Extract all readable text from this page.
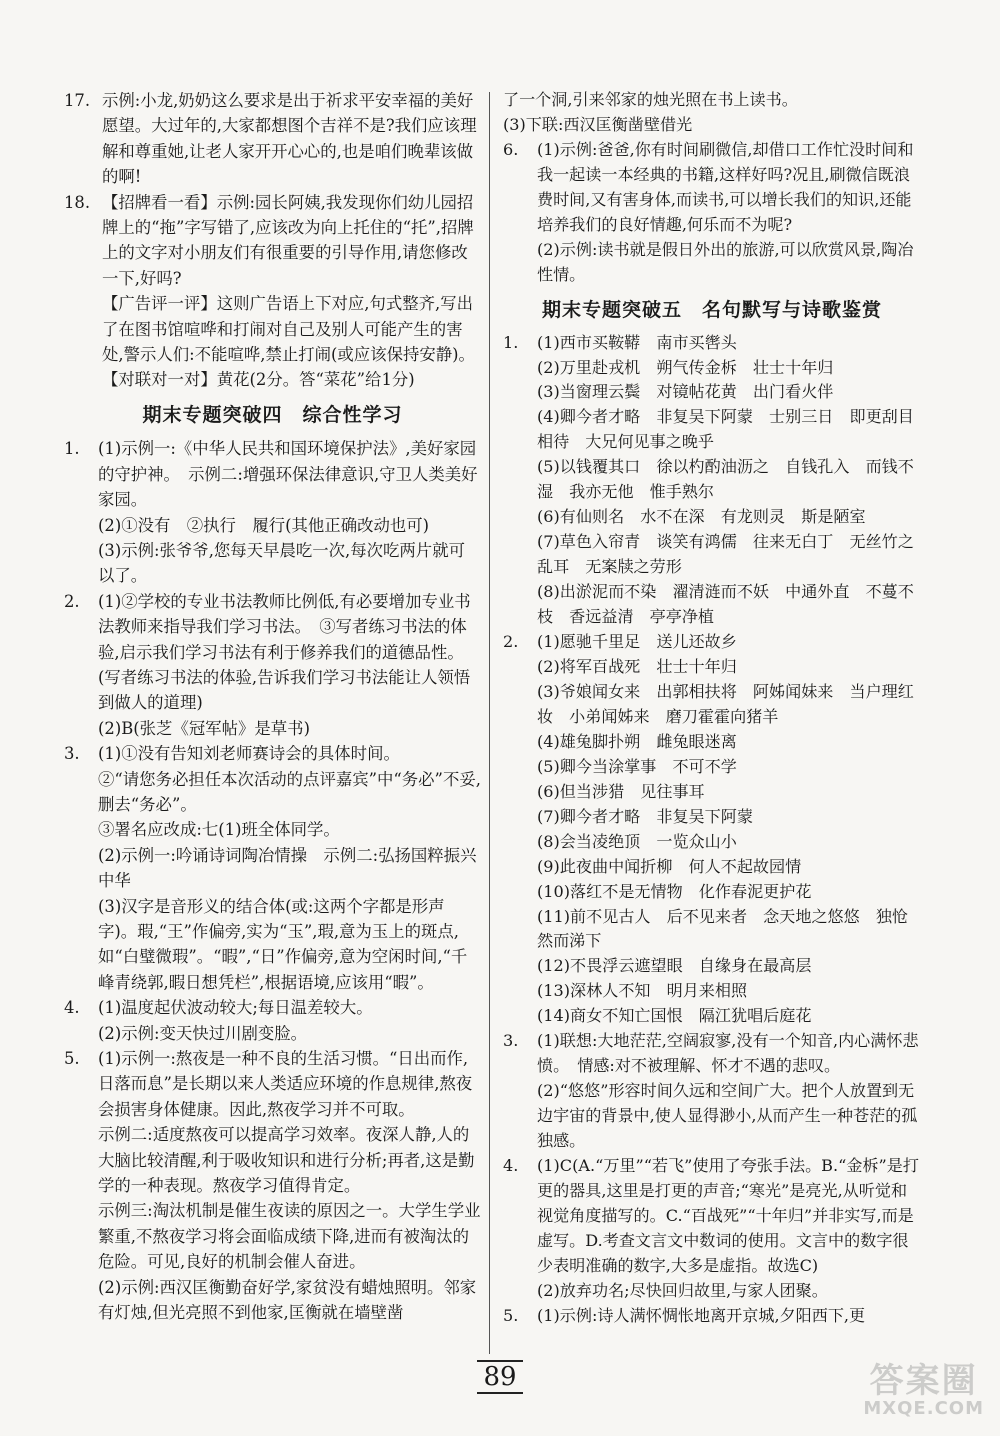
17. 示例:小龙,奶奶这么要求是出于祈求平安幸福的美好愿望。大过年的,大家都想图个吉祥不是?我们应该理解和尊重她,让老人家开开心心的,也是咱们晚辈该做的啊!

18. 【招牌看一看】示例:园长阿姨,我发现你们幼儿园招牌上的“拖”字写错了,应该改为向上托住的“托”,招牌上的文字对小朋友们有很重要的引导作用,请您修改一下,好吗?

【广告评一评】这则广告语上下对应,句式整齐,写出了在图书馆喧哗和打闹对自己及别人可能产生的害处,警示人们:不能喧哗,禁止打闹(或应该保持安静)。

【对联对一对】黄花(2分。答“菜花”给1分)

期末专题突破四　综合性学习
1.	(1)示例一:《中华人民共和国环境保护法》,美好家园的守护神。　示例二:增强环保法律意识,守卫人类美好家园。

(2)①没有　②执行　履行(其他正确改动也可)

(3)示例:张爷爷,您每天早晨吃一次,每次吃两片就可以了。

2.	(1)②学校的专业书法教师比例低,有必要增加专业书法教师来指导我们学习书法。　③写者练习书法的体验,启示我们学习书法有利于修养我们的道德品性。(写者练习书法的体验,告诉我们学习书法能让人领悟到做人的道理)

(2)B(张芝《冠军帖》是草书)

3.	(1)①没有告知刘老师赛诗会的具体时间。

②“请您务必担任本次活动的点评嘉宾”中“务必”不妥,删去“务必”。

③署名应改成:七(1)班全体同学。

(2)示例一:吟诵诗词陶冶情操　示例二:弘扬国粹振兴中华

(3)汉字是音形义的结合体(或:这两个字都是形声字)。瑕,“王”作偏旁,实为“玉”,瑕,意为玉上的斑点,如“白璧微瑕”。“暇”,“日”作偏旁,意为空闲时间,“千峰青绕郭,暇日想凭栏”,根据语境,应该用“暇”。

4.	(1)温度起伏波动较大;每日温差较大。

(2)示例:变天快过川剧变脸。

5.	(1)示例一:熬夜是一种不良的生活习惯。“日出而作,日落而息”是长期以来人类适应环境的作息规律,熬夜会损害身体健康。因此,熬夜学习并不可取。

示例二:适度熬夜可以提高学习效率。夜深人静,人的大脑比较清醒,利于吸收知识和进行分析;再者,这是勤学的一种表现。熬夜学习值得肯定。

示例三:淘汰机制是催生夜读的原因之一。大学生学业繁重,不熬夜学习将会面临成绩下降,进而有被淘汰的危险。可见,良好的机制会催人奋进。

(2)示例:西汉匡衡勤奋好学,家贫没有蜡烛照明。邻家有灯烛,但光亮照不到他家,匡衡就在墙壁凿

了一个洞,引来邻家的烛光照在书上读书。

(3)下联:西汉匡衡凿壁借光

6.	(1)示例:爸爸,你有时间刷微信,却借口工作忙没时间和我一起读一本经典的书籍,这样好吗?况且,刷微信既浪费时间,又有害身体,而读书,可以增长我们的知识,还能培养我们的良好情趣,何乐而不为呢?

(2)示例:读书就是假日外出的旅游,可以欣赏风景,陶冶性情。

期末专题突破五　名句默写与诗歌鉴赏
1.	(1)西市买鞍鞯　南市买辔头

(2)万里赴戎机　朔气传金柝　壮士十年归

(3)当窗理云鬓　对镜帖花黄　出门看火伴

(4)卿今者才略　非复吴下阿蒙　士别三日　即更刮目相待　大兄何见事之晚乎

(5)以钱覆其口　徐以杓酌油沥之　自钱孔入　而钱不湿　我亦无他　惟手熟尔

(6)有仙则名　水不在深　有龙则灵　斯是陋室

(7)草色入帘青　谈笑有鸿儒　往来无白丁　无丝竹之乱耳　无案牍之劳形

(8)出淤泥而不染　濯清涟而不妖　中通外直　不蔓不枝　香远益清　亭亭净植

2.	(1)愿驰千里足　送儿还故乡

(2)将军百战死　壮士十年归

(3)爷娘闻女来　出郭相扶将　阿姊闻妹来　当户理红妆　小弟闻姊来　磨刀霍霍向猪羊

(4)雄兔脚扑朔　雌兔眼迷离

(5)卿今当涂掌事　不可不学

(6)但当涉猎　见往事耳

(7)卿今者才略　非复吴下阿蒙

(8)会当凌绝顶　一览众山小

(9)此夜曲中闻折柳　何人不起故园情

(10)落红不是无情物　化作春泥更护花

(11)前不见古人　后不见来者　念天地之悠悠　独怆然而涕下

(12)不畏浮云遮望眼　自缘身在最高层

(13)深林人不知　明月来相照

(14)商女不知亡国恨　隔江犹唱后庭花

3.	(1)联想:大地茫茫,空阔寂寥,没有一个知音,内心满怀悲愤。　情感:对不被理解、怀才不遇的悲叹。

(2)“悠悠”形容时间久远和空间广大。把个人放置到无边宇宙的背景中,使人显得渺小,从而产生一种苍茫的孤独感。

4.	(1)C(A.“万里”“若飞”使用了夸张手法。B.“金柝”是打更的器具,这里是打更的声音;“寒光”是亮光,从听觉和视觉角度描写的。C.“百战死”“十年归”并非实写,而是虚写。D.考查文言文中数词的使用。文言中的数字很少表明准确的数字,大多是虚指。故选C)

(2)放弃功名;尽快回归故里,与家人团聚。

5.	(1)示例:诗人满怀惆怅地离开京城,夕阳西下,更

89	答案圈
MXQE.COM
